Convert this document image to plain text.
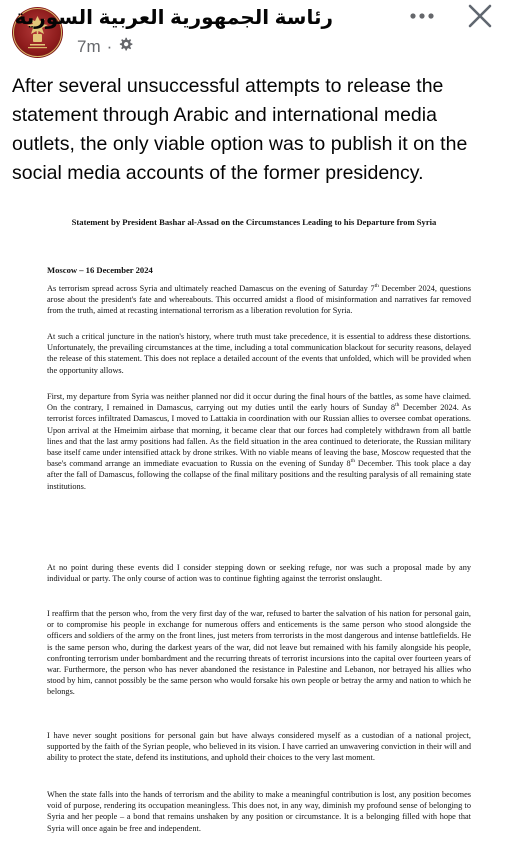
رئاسة الجمهورية العربية السورية
7m ·

After several unsuccessful attempts to release the statement through Arabic and international media outlets, the only viable option was to publish it on the social media accounts of the former presidency.

Statement by President Bashar al-Assad on the Circumstances Leading to his Departure from Syria

Moscow – 16 December 2024

As terrorism spread across Syria and ultimately reached Damascus on the evening of Saturday 7th December 2024, questions arose about the president's fate and whereabouts. This occurred amidst a flood of misinformation and narratives far removed from the truth, aimed at recasting international terrorism as a liberation revolution for Syria.

At such a critical juncture in the nation's history, where truth must take precedence, it is essential to address these distortions. Unfortunately, the prevailing circumstances at the time, including a total communication blackout for security reasons, delayed the release of this statement. This does not replace a detailed account of the events that unfolded, which will be provided when the opportunity allows.

First, my departure from Syria was neither planned nor did it occur during the final hours of the battles, as some have claimed. On the contrary, I remained in Damascus, carrying out my duties until the early hours of Sunday 8th December 2024. As terrorist forces infiltrated Damascus, I moved to Lattakia in coordination with our Russian allies to oversee combat operations. Upon arrival at the Hmeimim airbase that morning, it became clear that our forces had completely withdrawn from all battle lines and that the last army positions had fallen. As the field situation in the area continued to deteriorate, the Russian military base itself came under intensified attack by drone strikes. With no viable means of leaving the base, Moscow requested that the base's command arrange an immediate evacuation to Russia on the evening of Sunday 8th December. This took place a day after the fall of Damascus, following the collapse of the final military positions and the resulting paralysis of all remaining state institutions.

At no point during these events did I consider stepping down or seeking refuge, nor was such a proposal made by any individual or party. The only course of action was to continue fighting against the terrorist onslaught.

I reaffirm that the person who, from the very first day of the war, refused to barter the salvation of his nation for personal gain, or to compromise his people in exchange for numerous offers and enticements is the same person who stood alongside the officers and soldiers of the army on the front lines, just meters from terrorists in the most dangerous and intense battlefields. He is the same person who, during the darkest years of the war, did not leave but remained with his family alongside his people, confronting terrorism under bombardment and the recurring threats of terrorist incursions into the capital over fourteen years of war. Furthermore, the person who has never abandoned the resistance in Palestine and Lebanon, nor betrayed his allies who stood by him, cannot possibly be the same person who would forsake his own people or betray the army and nation to which he belongs.

I have never sought positions for personal gain but have always considered myself as a custodian of a national project, supported by the faith of the Syrian people, who believed in its vision. I have carried an unwavering conviction in their will and ability to protect the state, defend its institutions, and uphold their choices to the very last moment.

When the state falls into the hands of terrorism and the ability to make a meaningful contribution is lost, any position becomes void of purpose, rendering its occupation meaningless. This does not, in any way, diminish my profound sense of belonging to Syria and her people – a bond that remains unshaken by any position or circumstance. It is a belonging filled with hope that Syria will once again be free and independent.
